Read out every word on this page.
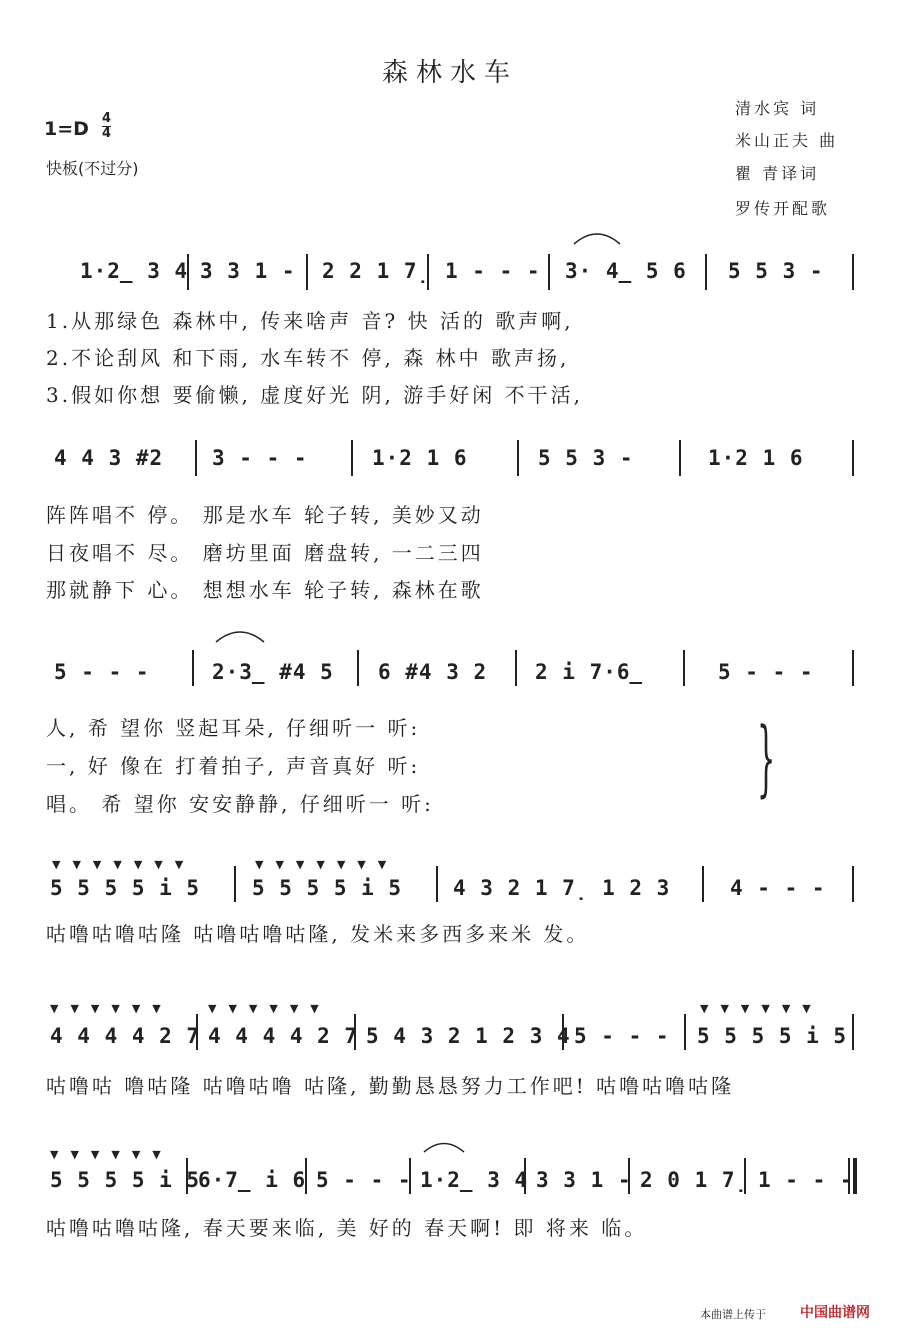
森林水车
1=D 4
4
快板(不过分)
清水宾 词
米山正夫 曲
瞿 青译词
罗传开配歌
1·2̲ 3 4 3 3 1 - 2 2 1 7̣ 1 - - - 3· 4̲ 5 6 5 5 3 -
1.从那绿色 森林中, 传来啥声 音? 快 活的 歌声啊,
2.不论刮风 和下雨, 水车转不 停, 森 林中 歌声扬,
3.假如你想 要偷懒, 虚度好光 阴, 游手好闲 不干活,
4 4 3 #2 3 - - -	1·2 1 6	5 5 3 -	1·2 1 6
阵阵唱不 停。 那是水车 轮子转, 美妙又动
日夜唱不 尽。 磨坊里面 磨盘转, 一二三四
那就静下 心。 想想水车 轮子转, 森林在歌
5 - - -	2·3̲ #4 5 6 #4 3 2 2 i 7·6̲	5 - - -
人, 希 望你 竖起耳朵, 仔细听一 听:
一, 好 像在 打着拍子, 声音真好 听:
唱。 希 望你 安安静静, 仔细听一 听:	}
▼▼▼▼▼▼▼	▼▼▼▼▼▼▼
5 5 5 5 i 5 5 5 5 5 i 5 4 3 2 1 7̣ 1 2 3	4 - - -
咕噜咕噜咕隆 咕噜咕噜咕隆, 发米来多西多来米 发。
▼▼▼▼▼▼	▼▼▼▼▼▼	▼▼▼▼▼▼
4 4 4 4 2 7 4 4 4 4 2 7 5 4 3 2 1 2 3 4 5 - - - 5 5 5 5 i 5
咕噜咕 噜咕隆 咕噜咕噜 咕隆, 勤勤恳恳努力工作吧! 咕噜咕噜咕隆
▼▼▼▼▼▼
5 5 5 5 i 5
6·7̲ i 6 5 - - - 1·2̲ 3 4 3 3 1 - 2 0 1 7̣ 1 - - -
咕噜咕噜咕隆, 春天要来临, 美 好的 春天啊! 即 将来 临。
本曲谱上传于 中国曲谱网
